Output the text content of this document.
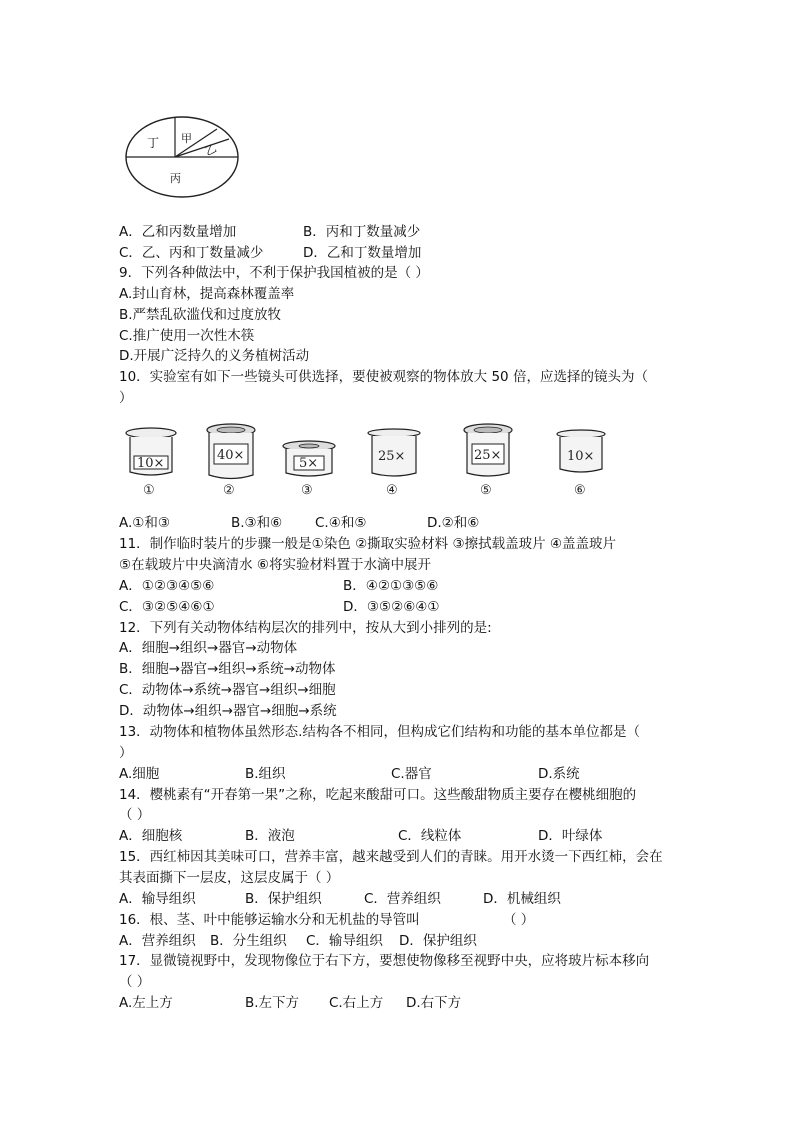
丁 甲
乙
丙
A．乙和丙数量增加	B．丙和丁数量减少
C．乙、丙和丁数量减少	D．乙和丁数量增加
9．下列各种做法中，不利于保护我国植被的是（ ）
A.封山育林，提高森林覆盖率
B.严禁乱砍滥伐和过度放牧
C.推广使用一次性木筷
D.开展广泛持久的义务植树活动
10．实验室有如下一些镜头可供选择，要使被观察的物体放大 50 倍，应选择的镜头为（
）
10×
①
40×
②
5×
③
25×
④
25×
⑤
10×
⑥
A.①和③	B.③和⑥ C.④和⑤	D.②和⑥
11．制作临时装片的步骤一般是①染色 ②撕取实验材料 ③擦拭载盖玻片 ④盖盖玻片
⑤在载玻片中央滴清水 ⑥将实验材料置于水滴中展开
A．①②③④⑤⑥	B．④②①③⑤⑥
C．③②⑤④⑥①	D．③⑤②⑥④①
12．下列有关动物体结构层次的排列中，按从大到小排列的是:
A．细胞→组织→器官→动物体
B．细胞→器官→组织→系统→动物体
C．动物体→系统→器官→组织→细胞
D．动物体→组织→器官→细胞→系统
13．动物体和植物体虽然形态.结构各不相同，但构成它们结构和功能的基本单位都是（
）
A.细胞	B.组织	C.器官	D.系统
14．樱桃素有“开春第一果”之称，吃起来酸甜可口。这些酸甜物质主要存在樱桃细胞的
（ ）
A．细胞核	B．液泡	C．线粒体	D．叶绿体
15．西红柿因其美味可口，营养丰富，越来越受到人们的青睐。用开水烫一下西红柿，会在
其表面撕下一层皮，这层皮属于（ ）
A．输导组织	B．保护组织	C．营养组织	D．机械组织
16．根、茎、叶中能够运输水分和无机盐的导管叫	（ ）
A．营养组织 B．分生组织 C．输导组织 D．保护组织
17．显微镜视野中，发现物像位于右下方，要想使物像移至视野中央，应将玻片标本移向
（ ）
A.左上方	B.左下方 C.右上方 D.右下方
